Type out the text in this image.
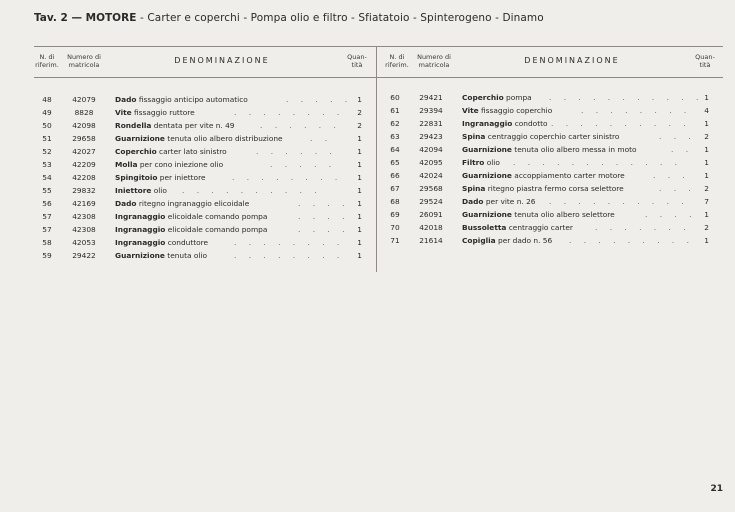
Tav. 2 — MOTORE - Carter e coperchi - Pompa olio e filtro - Sfiatatoio - Spinterogeno - Dinamo
N. di riferim.
Numero di matricola	DENOMINAZIONE	Quan- tità
N. di riferim.
Numero di matricola	DENOMINAZIONE	Quan- tità
48	42079	Dado fissaggio anticipo automatico	. . . . . 1
49	8828	Vite fissaggio ruttore	. . . . . . . . 2
50	42098	Rondella dentata per vite n. 49	. . . . . . 2
51	29658	Guarnizione tenuta olio albero distribuzione	. .	1
52	42027	Coperchio carter lato sinistro	. . . . . .	1
53	42209	Molla per cono iniezione olio	. . . . .	1
54	42208	Spingitoio per iniettore	. . . . . . . . 1
55	29832	Iniettore olio . . . . . . . . . .	1
56	42169	Dado ritegno ingranaggio elicoidale	. . . . 1
57	42308	Ingranaggio elicoidale comando pompa	. . . . 1
57	42308	Ingranaggio elicoidale comando pompa	. . . . 1
58	42053	Ingranaggio conduttore	. . . . . . . . 1
59	29422	Guarnizione tenuta olio	. . . . . . . . 1
60	29421	Coperchio pompa . . . . . . . . . . . 1
61	29394	Vite fissaggio coperchio	. . . . . . . . 4
62	22831	Ingranaggio condotto . . . . . . . . . . 1
63	29423	Spina centraggio coperchio carter sinistro	. . . 2
64	42094	Guarnizione tenuta olio albero messa in moto	. . 1
65	42095	Filtro olio . . . . . . . . . . . .	1
66	42024	Guarnizione accoppiamento carter motore	. . . 1
67	29568	Spina ritegno piastra fermo corsa selettore	. . . 2
68	29524	Dado per vite n. 26 . . . . . . . . . . 7
69	26091	Guarnizione tenuta olio albero selettore	. . . . 1
70	42018	Bussoletta centraggio carter	. . . . . . . 2
71	21614	Copiglia per dado n. 56 . . . . . . . . . 1
21
